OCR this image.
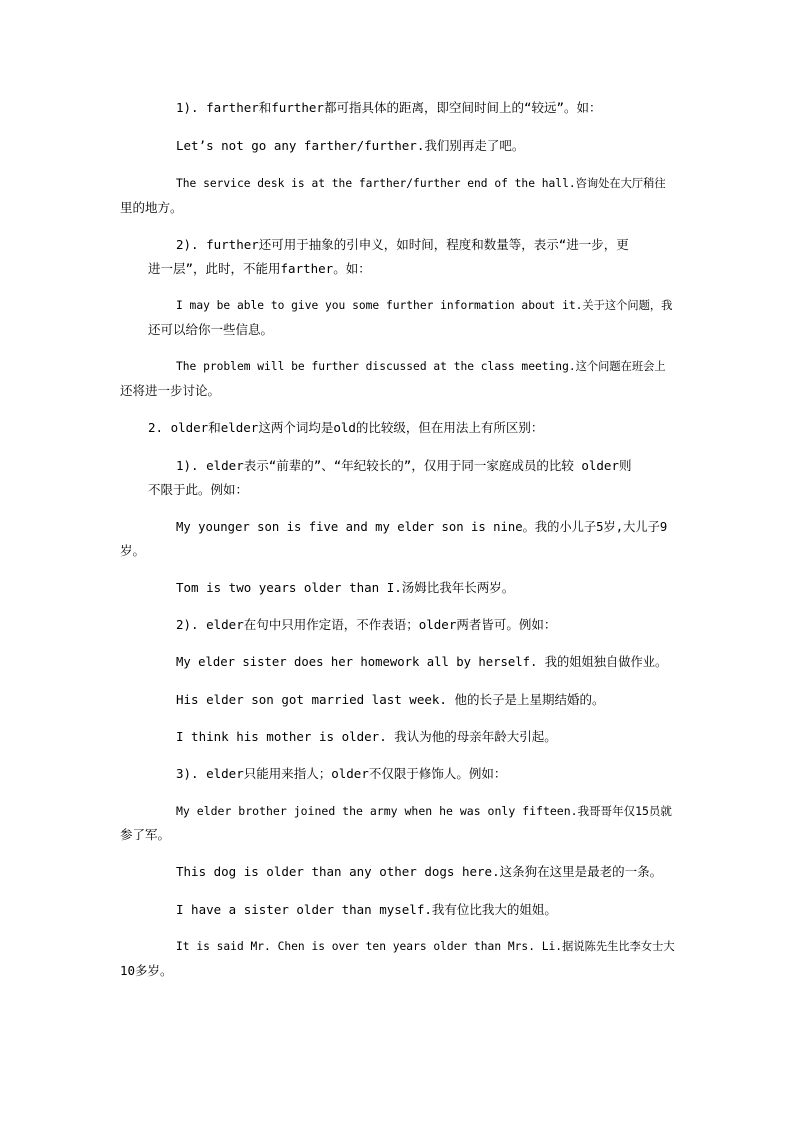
1). farther和further都可指具体的距离，即空间时间上的“较远”。如：
Let’s not go any farther/further.我们别再走了吧。
The service desk is at the farther/further end of the hall.咨询处在大厅稍往
里的地方。
2). further还可用于抽象的引申义，如时间，程度和数量等，表示“进一步，更
进一层”，此时，不能用farther。如：
I may be able to give you some further information about it.关于这个问题，我
还可以给你一些信息。
The problem will be further discussed at the class meeting.这个问题在班会上
还将进一步讨论。
2. older和elder这两个词均是old的比较级，但在用法上有所区别：
1). elder表示“前辈的”、“年纪较长的”，仅用于同一家庭成员的比较 older则
不限于此。例如：
My younger son is five and my elder son is nine。我的小儿子5岁,大儿子9
岁。
Tom is two years older than I.汤姆比我年长两岁。
2). elder在句中只用作定语，不作表语；older两者皆可。例如：
My elder sister does her homework all by herself. 我的姐姐独自做作业。
His elder son got married last week. 他的长子是上星期结婚的。
I think his mother is older. 我认为他的母亲年龄大引起。
3). elder只能用来指人；older不仅限于修饰人。例如：
My elder brother joined the army when he was only fifteen.我哥哥年仅15员就
参了军。
This dog is older than any other dogs here.这条狗在这里是最老的一条。
I have a sister older than myself.我有位比我大的姐姐。
It is said Mr. Chen is over ten years older than Mrs. Li.据说陈先生比李女士大
10多岁。
